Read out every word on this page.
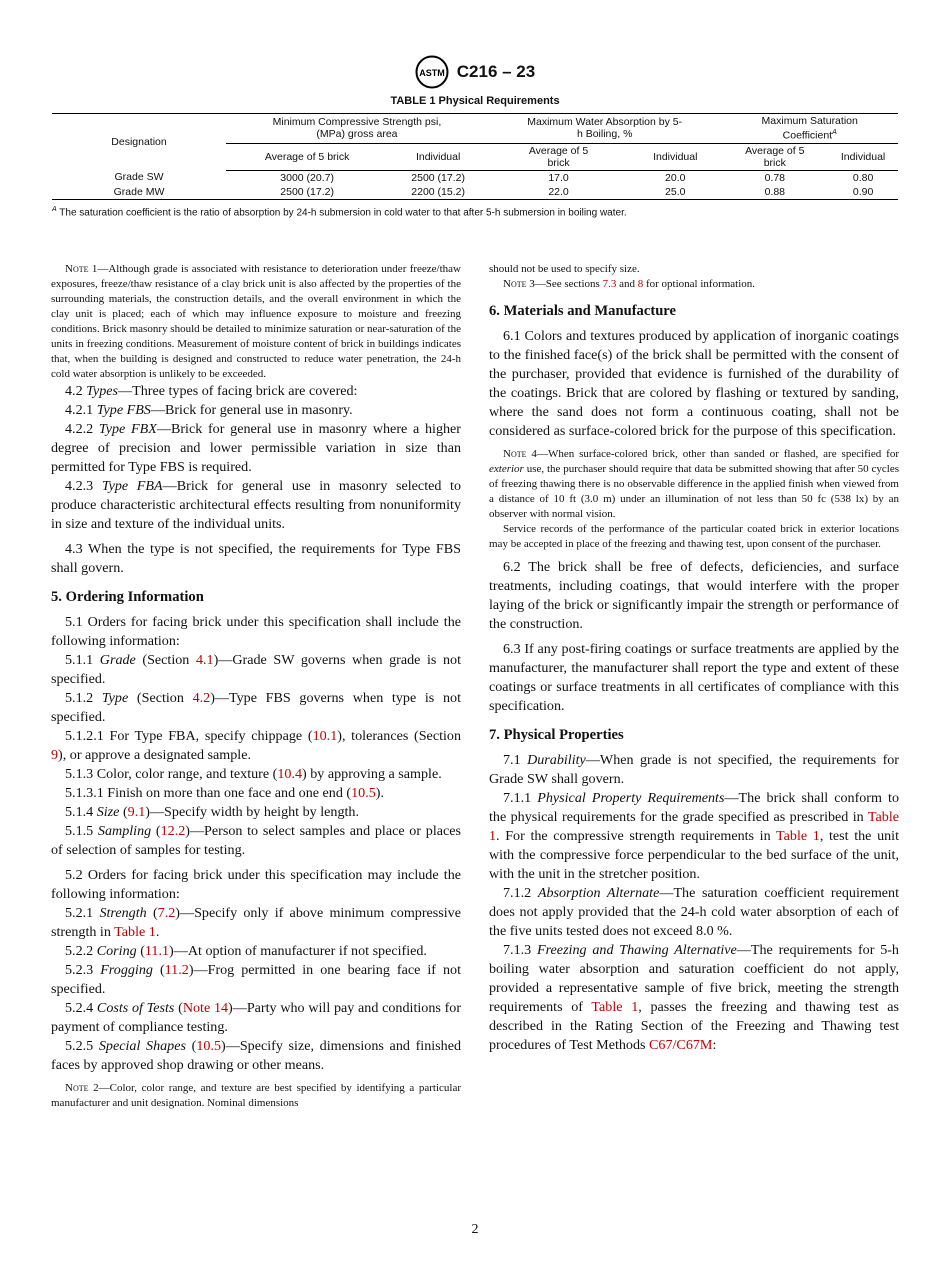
ASTM C216 – 23
TABLE 1 Physical Requirements
Designation	Minimum Compressive Strength psi, (MPa) gross area		Maximum Water Absorption by 5-h Boiling, %		Maximum Saturation Coefficient$^A$

	Average of 5 brick	Individual	Average of 5 brick	Individual	Average of 5 brick	Individual
Grade SW	3000 (20.7)	2500 (17.2)	17.0	20.0	0.78	0.80
Grade MW	2500 (17.2)	2200 (15.2)	22.0	25.0	0.88	0.90
$^A$ The saturation coefficient is the ratio of absorption by 24-h submersion in cold water to that after 5-h submersion in boiling water.

Note 1—Although grade is associated with resistance to deterioration under freeze/thaw exposures, freeze/thaw resistance of a clay brick unit is also affected by the properties of the surrounding materials, the construction details, and the overall environment in which the clay unit is placed; each of which may influence exposure to moisture and freezing conditions. Brick masonry should be detailed to minimize saturation or near-saturation of the units in freezing conditions. Measurement of moisture content of brick in buildings indicates that, when the building is designed and constructed to reduce water penetration, the 24-h cold water absorption is unlikely to be exceeded.

4.2 Types—Three types of facing brick are covered:

4.2.1 Type FBS—Brick for general use in masonry.

4.2.2 Type FBX—Brick for general use in masonry where a higher degree of precision and lower permissible variation in size than permitted for Type FBS is required.

4.2.3 Type FBA—Brick for general use in masonry selected to produce characteristic architectural effects resulting from nonuniformity in size and texture of the individual units.

4.3 When the type is not specified, the requirements for Type FBS shall govern.

5. Ordering Information

5.1 Orders for facing brick under this specification shall include the following information:

5.1.1 Grade (Section 4.1)—Grade SW governs when grade is not specified.

5.1.2 Type (Section 4.2)—Type FBS governs when type is not specified.

5.1.2.1 For Type FBA, specify chippage (10.1), tolerances (Section 9), or approve a designated sample.

5.1.3 Color, color range, and texture (10.4) by approving a sample.

5.1.3.1 Finish on more than one face and one end (10.5).

5.1.4 Size (9.1)—Specify width by height by length.

5.1.5 Sampling (12.2)—Person to select samples and place or places of selection of samples for testing.

5.2 Orders for facing brick under this specification may include the following information:

5.2.1 Strength (7.2)—Specify only if above minimum compressive strength in Table 1.

5.2.2 Coring (11.1)—At option of manufacturer if not specified.

5.2.3 Frogging (11.2)—Frog permitted in one bearing face if not specified.

5.2.4 Costs of Tests (Note 14)—Party who will pay and conditions for payment of compliance testing.

5.2.5 Special Shapes (10.5)—Specify size, dimensions and finished faces by approved shop drawing or other means.

Note 2—Color, color range, and texture are best specified by identifying a particular manufacturer and unit designation. Nominal dimensions

should not be used to specify size.

Note 3—See sections 7.3 and 8 for optional information.

6. Materials and Manufacture

6.1 Colors and textures produced by application of inorganic coatings to the finished face(s) of the brick shall be permitted with the consent of the purchaser, provided that evidence is furnished of the durability of the coatings. Brick that are colored by flashing or textured by sanding, where the sand does not form a continuous coating, shall not be considered as surface-colored brick for the purpose of this specification.

Note 4—When surface-colored brick, other than sanded or flashed, are specified for exterior use, the purchaser should require that data be submitted showing that after 50 cycles of freezing thawing there is no observable difference in the applied finish when viewed from a distance of 10 ft (3.0 m) under an illumination of not less than 50 fc (538 lx) by an observer with normal vision.

Service records of the performance of the particular coated brick in exterior locations may be accepted in place of the freezing and thawing test, upon consent of the purchaser.

6.2 The brick shall be free of defects, deficiencies, and surface treatments, including coatings, that would interfere with the proper laying of the brick or significantly impair the strength or performance of the construction.

6.3 If any post-firing coatings or surface treatments are applied by the manufacturer, the manufacturer shall report the type and extent of these coatings or surface treatments in all certificates of compliance with this specification.

7. Physical Properties

7.1 Durability—When grade is not specified, the requirements for Grade SW shall govern.

7.1.1 Physical Property Requirements—The brick shall conform to the physical requirements for the grade specified as prescribed in Table 1. For the compressive strength requirements in Table 1, test the unit with the compressive force perpendicular to the bed surface of the unit, with the unit in the stretcher position.

7.1.2 Absorption Alternate—The saturation coefficient requirement does not apply provided that the 24-h cold water absorption of each of the five units tested does not exceed 8.0 %.

7.1.3 Freezing and Thawing Alternative—The requirements for 5-h boiling water absorption and saturation coefficient do not apply, provided a representative sample of five brick, meeting the strength requirements of Table 1, passes the freezing and thawing test as described in the Rating Section of the Freezing and Thawing test procedures of Test Methods C67/C67M:

2
